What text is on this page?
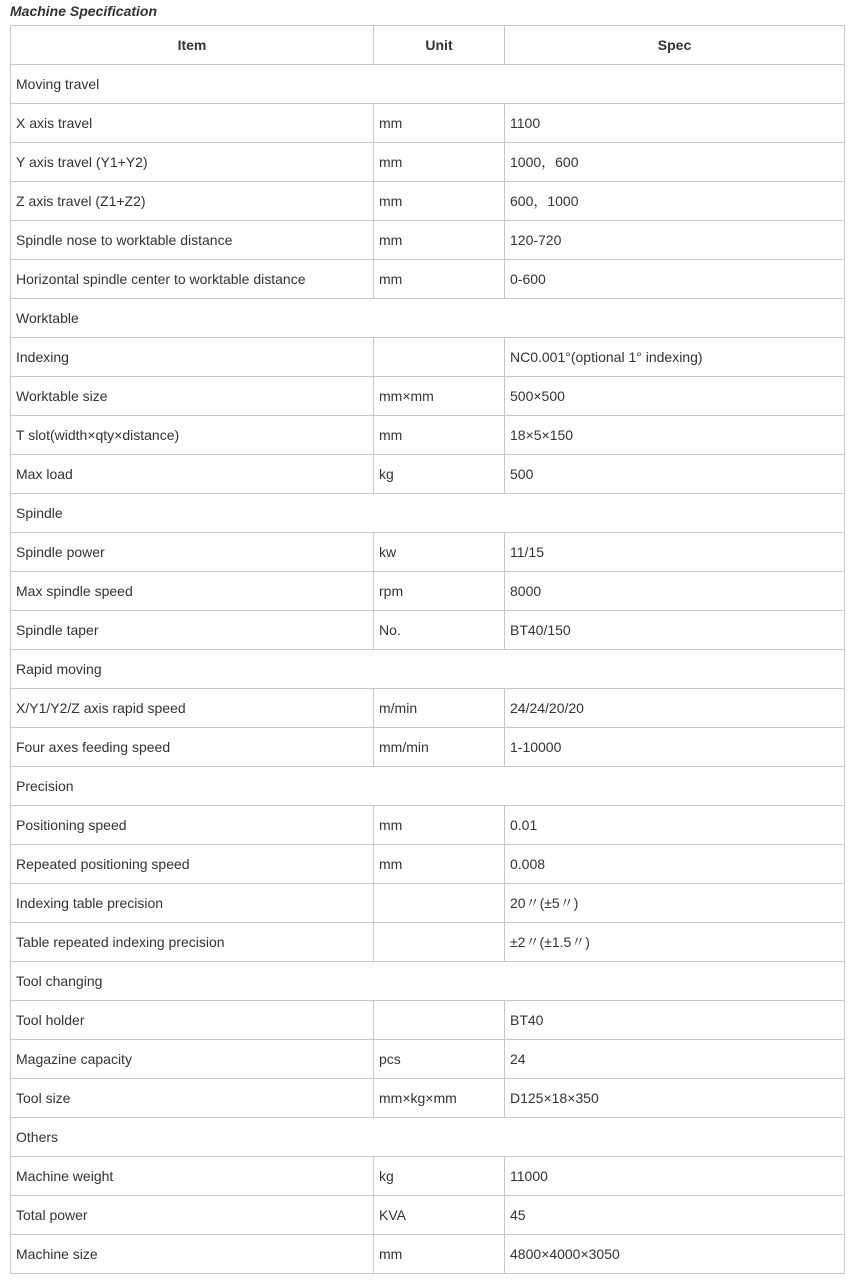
Machine Specification
Item	Unit	Spec
Moving travel		
X axis travel	mm	1100
Y axis travel (Y1+Y2)	mm	1000，600
Z axis travel (Z1+Z2)	mm	600，1000
Spindle nose to worktable distance	mm	120-720
Horizontal spindle center to worktable distance	mm	0-600
Worktable		
Indexing		NC0.001°(optional 1° indexing)
Worktable size	mm×mm	500×500
T slot(width×qty×distance)	mm	18×5×150
Max load	kg	500
Spindle		
Spindle power	kw	11/15
Max spindle speed	rpm	8000
Spindle taper	No.	BT40/150
Rapid moving		
X/Y1/Y2/Z axis rapid speed	m/min	24/24/20/20
Four axes feeding speed	mm/min	1-10000
Precision		
Positioning speed	mm	0.01
Repeated positioning speed	mm	0.008
Indexing table precision		20〃(±5〃)
Table repeated indexing precision		±2〃(±1.5〃)
Tool changing		
Tool holder		BT40
Magazine capacity	pcs	24
Tool size	mm×kg×mm	D125×18×350
Others		
Machine weight	kg	11000
Total power	KVA	45
Machine size	mm	4800×4000×3050
